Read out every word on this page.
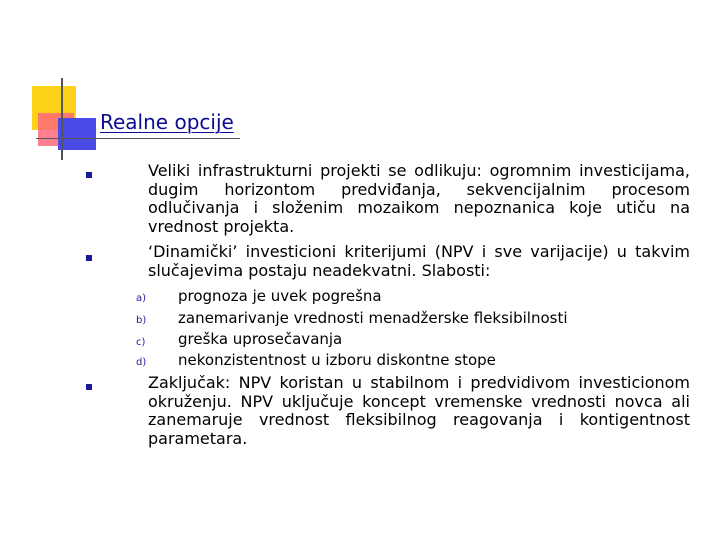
Realne opcije
Veliki infrastrukturni projekti se odlikuju: ogromnim investicijama, dugim horizontom predviđanja, sekvencijalnim procesom odlučivanja i složenim mozaikom nepoznanica koje utiču na vrednost projekta.
‘Dinamički’ investicioni kriterijumi (NPV i sve varijacije) u takvim slučajevima postaju neadekvatni. Slabosti:
a) prognoza je uvek pogrešna
b) zanemarivanje vrednosti menadžerske fleksibilnosti
c) greška uprosečavanja
d) nekonzistentnost u izboru diskontne stope
Zaključak: NPV koristan u stabilnom i predvidivom investicionom okruženju. NPV uključuje koncept vremenske vrednosti novca ali zanemaruje vrednost fleksibilnog reagovanja i kontigentnost parametara.
